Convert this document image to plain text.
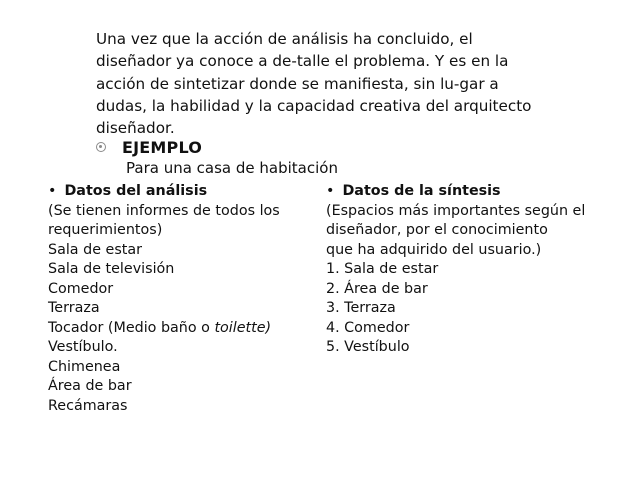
Una vez que la acción de análisis ha concluido, el
diseñador ya conoce a de-talle el problema. Y es en la
acción de sintetizar donde se manifiesta, sin lu-gar a
dudas, la habilidad y la capacidad creativa del arquitecto
diseñador.
EJEMPLO
Para una casa de habitación
• Datos del análisis
(Se tienen informes de todos los
requerimientos)
Sala de estar
Sala de televisión
Comedor
Terraza
Tocador (Medio baño o toilette)
Vestíbulo.
Chimenea
Área de bar
Recámaras
• Datos de la síntesis
(Espacios más importantes según el
diseñador, por el conocimiento
que ha adquirido del usuario.)
1. Sala de estar
2. Área de bar
3. Terraza
4. Comedor
5. Vestíbulo
